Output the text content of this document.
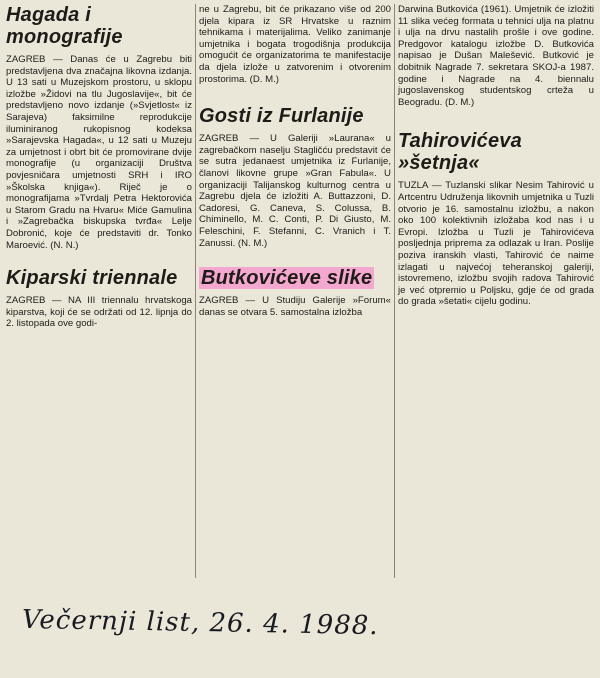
Hagada i monografije

ZAGREB — Danas će u Zagrebu biti predstavljena dva značajna likovna izdanja. U 13 sati u Muzejskom prostoru, u sklopu izložbe »Židovi na tlu Jugoslavije«, bit će predstavljeno novo izdanje (»Svjetlost« iz Sarajeva) faksimilne reprodukcije iluminiranog rukopisnog kodeksa »Sarajevska Hagada«, u 12 sati u Muzeju za umjetnost i obrt bit će promovirane dvije monografije (u organizaciji Društva povjesničara umjetnosti SRH i IRO »Školska knjiga«). Riječ je o monografijama »Tvrdalj Petra Hektorovića u Starom Gradu na Hvaru« Miće Gamulina i »Zagrebačka biskupska tvrđa« Lelje Dobronić, koje će predstaviti dr. Tonko Maroević. (N. N.)

Kiparski triennale

ZAGREB — NA III triennalu hrvatskoga kiparstva, koji će se održati od 12. lipnja do 2. listopada ove godi-

ne u Zagrebu, bit će prikazano više od 200 djela kipara iz SR Hrvatske u raznim tehnikama i materijalima. Veliko zanimanje umjetnika i bogata trogodišnja produkcija omogućit će organizatorima te manifestacije da djela izlože u zatvorenim i otvorenim prostorima. (D. M.)

Gosti iz Furlanije

ZAGREB — U Galeriji »Laurana« u zagrebačkom naselju Stagličću predstavit će se sutra jedanaest umjetnika iz Furlanije, članovi likovne grupe »Gran Fabula«. U organizaciji Talijanskog kulturnog centra u Zagrebu djela će izložiti A. Buttazzoni, D. Cadoresi, G. Caneva, S. Colussa, B. Chiminello, M. C. Conti, P. Di Giusto, M. Feleschini, F. Stefanni, C. Vranich i T. Zanussi. (N. M.)

Butkovićeve slike

ZAGREB — U Studiju Galerije »Forum« danas se otvara 5. samostalna izložba

Darwina Butkovića (1961). Umjetnik će izložiti 11 slika većeg formata u tehnici ulja na platnu i ulja na drvu nastalih prošle i ove godine. Predgovor katalogu izložbe D. Butkovića napisao je Dušan Malešević. Butković je dobitnik Nagrade 7. sekretara SKOJ-a 1987. godine i Nagrade na 4. biennalu jugoslavenskog studentskog crteža u Beogradu. (D. M.)

Tahirovićeva »šetnja«

TUZLA — Tuzlanski slikar Nesim Tahirović u Artcentru Udruženja likovnih umjetnika u Tuzli otvorio je 16. samostalnu izložbu, a nakon oko 100 kolektivnih izložaba kod nas i u Evropi. Izložba u Tuzli je Tahirovićeva posljednja priprema za odlazak u Iran. Poslije poziva iranskih vlasti, Tahirović će naime izlagati u najvećoj teheranskoj galeriji, istovremeno, izložbu svojih radova Tahirović je već otpremio u Poljsku, gdje će od grada do grada »šetati« cijelu godinu.

Večernji list, 26. 4. 1988.
